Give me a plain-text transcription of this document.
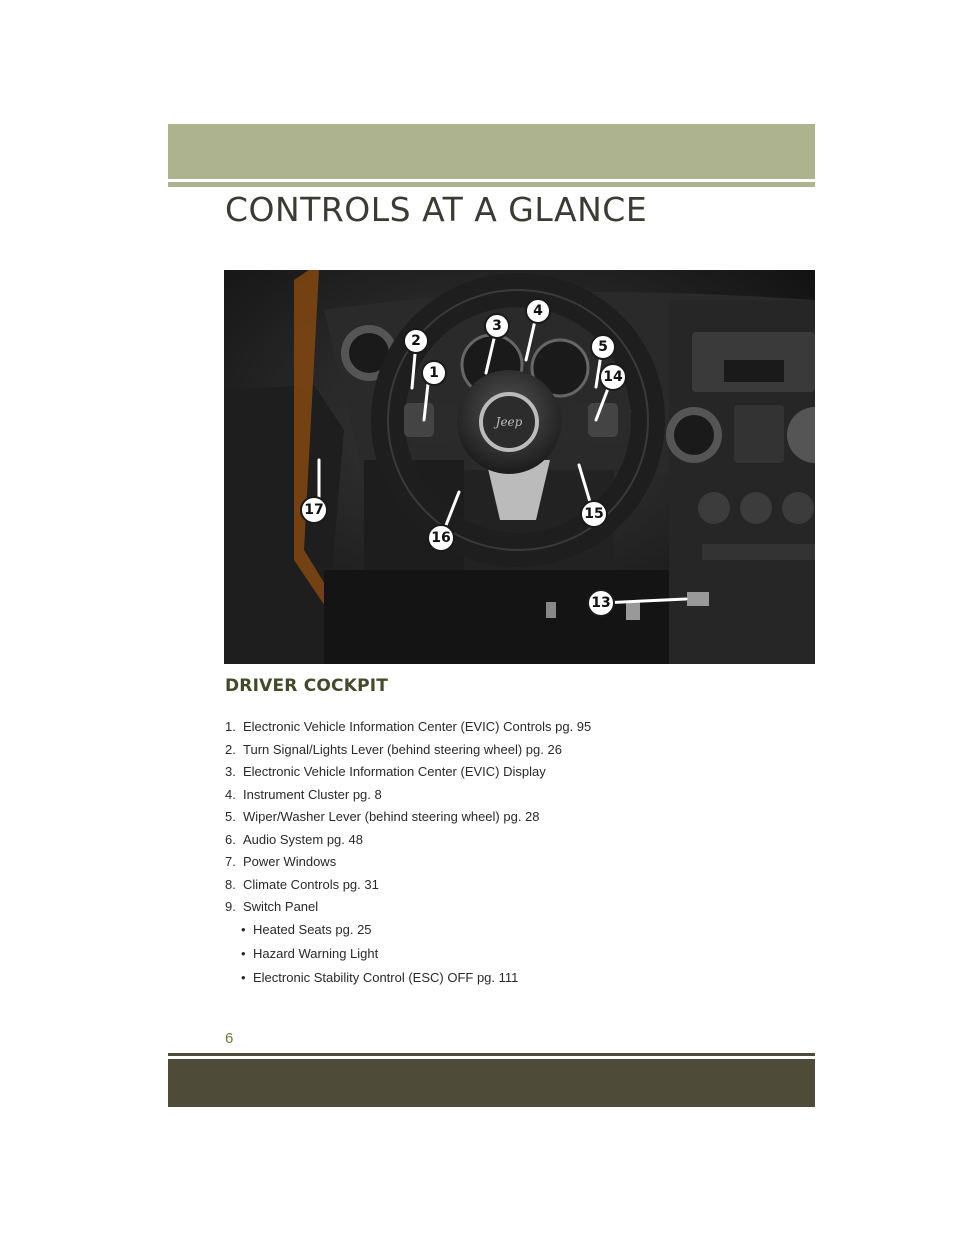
CONTROLS AT A GLANCE
Jeep
1
2
3
4
5
14
17
16
15
13
DRIVER COCKPIT
1. Electronic Vehicle Information Center (EVIC) Controls pg. 95
2. Turn Signal/Lights Lever (behind steering wheel) pg. 26
3. Electronic Vehicle Information Center (EVIC) Display
4. Instrument Cluster pg. 8
5. Wiper/Washer Lever (behind steering wheel) pg. 28
6. Audio System pg. 48
7. Power Windows
8. Climate Controls pg. 31
9. Switch Panel
• Heated Seats pg. 25
• Hazard Warning Light
• Electronic Stability Control (ESC) OFF pg. 111
6
